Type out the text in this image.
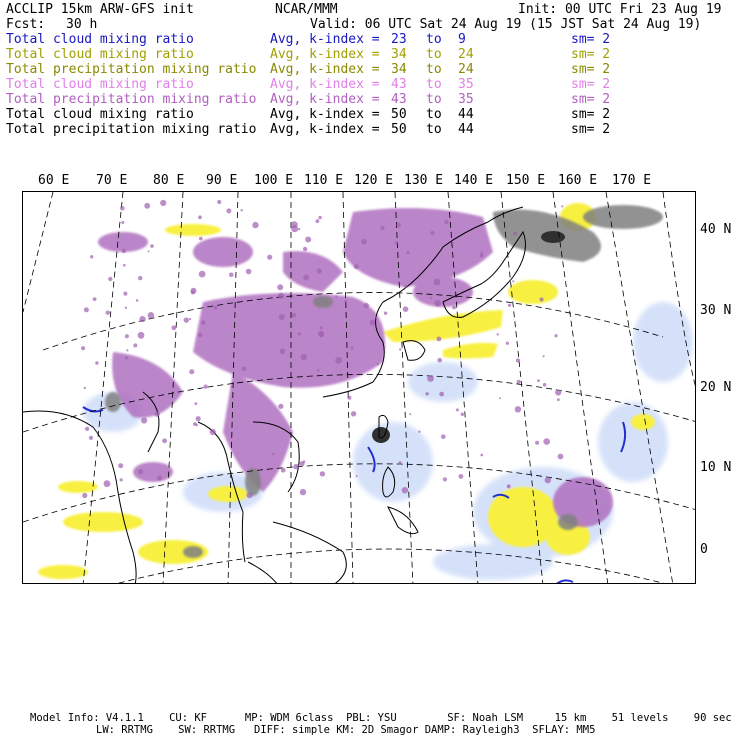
ACCLIP 15km ARW-GFS init	NCAR/MMM	Init: 00 UTC Fri 23 Aug 19
Fcst: 30 h	Valid: 06 UTC Sat 24 Aug 19 (15 JST Sat 24 Aug 19)
Total cloud mixing ratio	Avg, k-index = 23 to 9	sm= 2
Total cloud mixing ratio	Avg, k-index = 34 to 24	sm= 2
Total precipitation mixing ratio Avg, k-index = 34 to 24	sm= 2
Total cloud mixing ratio	Avg, k-index = 43 to 35	sm= 2
Total precipitation mixing ratio Avg, k-index = 43 to 35	sm= 2
Total cloud mixing ratio	Avg, k-index = 50 to 44	sm= 2
Total precipitation mixing ratio Avg, k-index = 50 to 44	sm= 2
60 E 70 E 80 E 90 E 100 E 110 E 120 E 130 E 140 E 150 E 160 E 170 E
40 N
30 N
20 N
10 N
0
Model Info: V4.1.1    CU: KF      MP: WDM 6class  PBL: YSU        SF: Noah LSM     15 km    51 levels    90 sec
LW: RRTMG    SW: RRTMG   DIFF: simple KM: 2D Smagor DAMP: Rayleigh3  SFLAY: MM5
